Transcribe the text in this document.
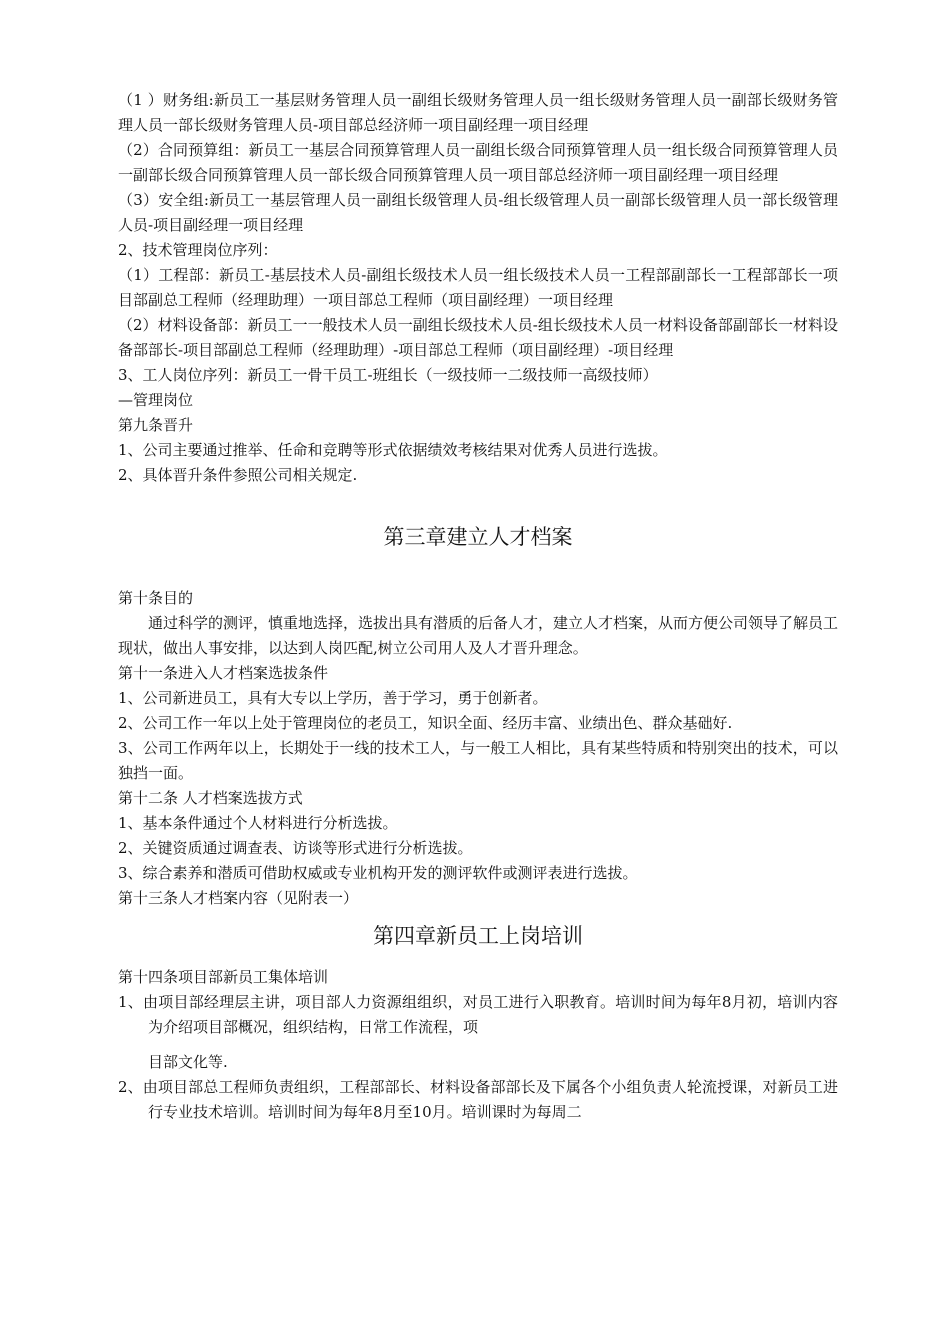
（1 ）财务组:新员工一基层财务管理人员一副组长级财务管理人员一组长级财务管理人员一副部长级财务管理人员一部长级财务管理人员-项目部总经济师一项目副经理一项目经理

（2）合同预算组：新员工一基层合同预算管理人员一副组长级合同预算管理人员一组长级合同预算管理人员一副部长级合同预算管理人员一部长级合同预算管理人员一项目部总经济师一项目副经理一项目经理

（3）安全组:新员工一基层管理人员一副组长级管理人员-组长级管理人员一副部长级管理人员一部长级管理人员-项目副经理一项目经理

2、技术管理岗位序列：

（1）工程部：新员工-基层技术人员-副组长级技术人员一组长级技术人员一工程部副部长一工程部部长一项目部副总工程师（经理助理）一项目部总工程师（项目副经理）一项目经理

（2）材料设备部：新员工一一般技术人员一副组长级技术人员-组长级技术人员一材料设备部副部长一材料设备部部长-项目部副总工程师（经理助理）-项目部总工程师（项目副经理）-项目经理

3、工人岗位序列：新员工一骨干员工-班组长（一级技师一二级技师一高级技师）

—管理岗位

第九条晋升

1、公司主要通过推举、任命和竞聘等形式依据绩效考核结果对优秀人员进行选拔。

2、具体晋升条件参照公司相关规定.

第三章建立人才档案

第十条目的

通过科学的测评，慎重地选择，选拔出具有潜质的后备人才，建立人才档案，从而方便公司领导了解员工现状，做出人事安排，以达到人岗匹配,树立公司用人及人才晋升理念。

第十一条进入人才档案选拔条件

1、公司新进员工，具有大专以上学历，善于学习，勇于创新者。

2、公司工作一年以上处于管理岗位的老员工，知识全面、经历丰富、业绩出色、群众基础好.

3、公司工作两年以上，长期处于一线的技术工人，与一般工人相比，具有某些特质和特别突出的技术，可以独挡一面。

第十二条 人才档案选拔方式

1、基本条件通过个人材料进行分析选拔。

2、关键资质通过调查表、访谈等形式进行分析选拔。

3、综合素养和潜质可借助权威或专业机构开发的测评软件或测评表进行选拔。

第十三条人才档案内容（见附表一）

第四章新员工上岗培训

第十四条项目部新员工集体培训

1、由项目部经理层主讲，项目部人力资源组组织，对员工进行入职教育。培训时间为每年8月初，培训内容为介绍项目部概况，组织结构，日常工作流程，项

目部文化等.

2、由项目部总工程师负责组织，工程部部长、材料设备部部长及下属各个小组负责人轮流授课，对新员工进行专业技术培训。培训时间为每年8月至10月。培训课时为每周二
